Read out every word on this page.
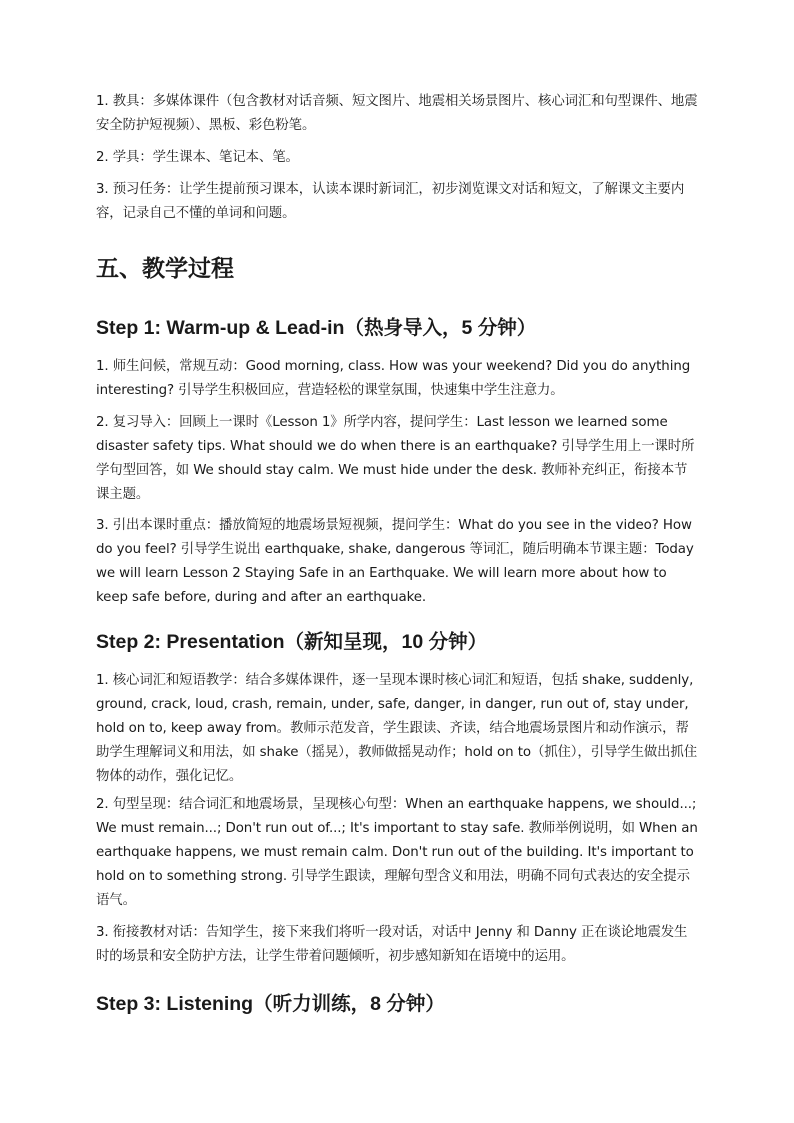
1. 教具：多媒体课件（包含教材对话音频、短文图片、地震相关场景图片、核心词汇和句型课件、地震安全防护短视频）、黑板、彩色粉笔。

2. 学具：学生课本、笔记本、笔。

3. 预习任务：让学生提前预习课本，认读本课时新词汇，初步浏览课文对话和短文，了解课文主要内容，记录自己不懂的单词和问题。

五、教学过程
Step 1: Warm-up & Lead-in（热身导入，5 分钟）

1. 师生问候，常规互动：Good morning, class. How was your weekend? Did you do anything interesting? 引导学生积极回应，营造轻松的课堂氛围，快速集中学生注意力。

2. 复习导入：回顾上一课时《Lesson 1》所学内容，提问学生：Last lesson we learned some disaster safety tips. What should we do when there is an earthquake? 引导学生用上一课时所学句型回答，如 We should stay calm. We must hide under the desk. 教师补充纠正，衔接本节课主题。

3. 引出本课时重点：播放简短的地震场景短视频，提问学生：What do you see in the video? How do you feel? 引导学生说出 earthquake, shake, dangerous 等词汇，随后明确本节课主题：Today we will learn Lesson 2 Staying Safe in an Earthquake. We will learn more about how to keep safe before, during and after an earthquake.

Step 2: Presentation（新知呈现，10 分钟）

1. 核心词汇和短语教学：结合多媒体课件，逐一呈现本课时核心词汇和短语，包括 shake, suddenly, ground, crack, loud, crash, remain, under, safe, danger, in danger, run out of, stay under, hold on to, keep away from。教师示范发音，学生跟读、齐读，结合地震场景图片和动作演示，帮助学生理解词义和用法，如 shake（摇晃），教师做摇晃动作；hold on to（抓住），引导学生做出抓住物体的动作，强化记忆。

2. 句型呈现：结合词汇和地震场景，呈现核心句型：When an earthquake happens, we should...; We must remain...; Don't run out of...; It's important to stay safe. 教师举例说明，如 When an earthquake happens, we must remain calm. Don't run out of the building. It's important to hold on to something strong. 引导学生跟读，理解句型含义和用法，明确不同句式表达的安全提示语气。

3. 衔接教材对话：告知学生，接下来我们将听一段对话，对话中 Jenny 和 Danny 正在谈论地震发生时的场景和安全防护方法，让学生带着问题倾听，初步感知新知在语境中的运用。

Step 3: Listening（听力训练，8 分钟）
